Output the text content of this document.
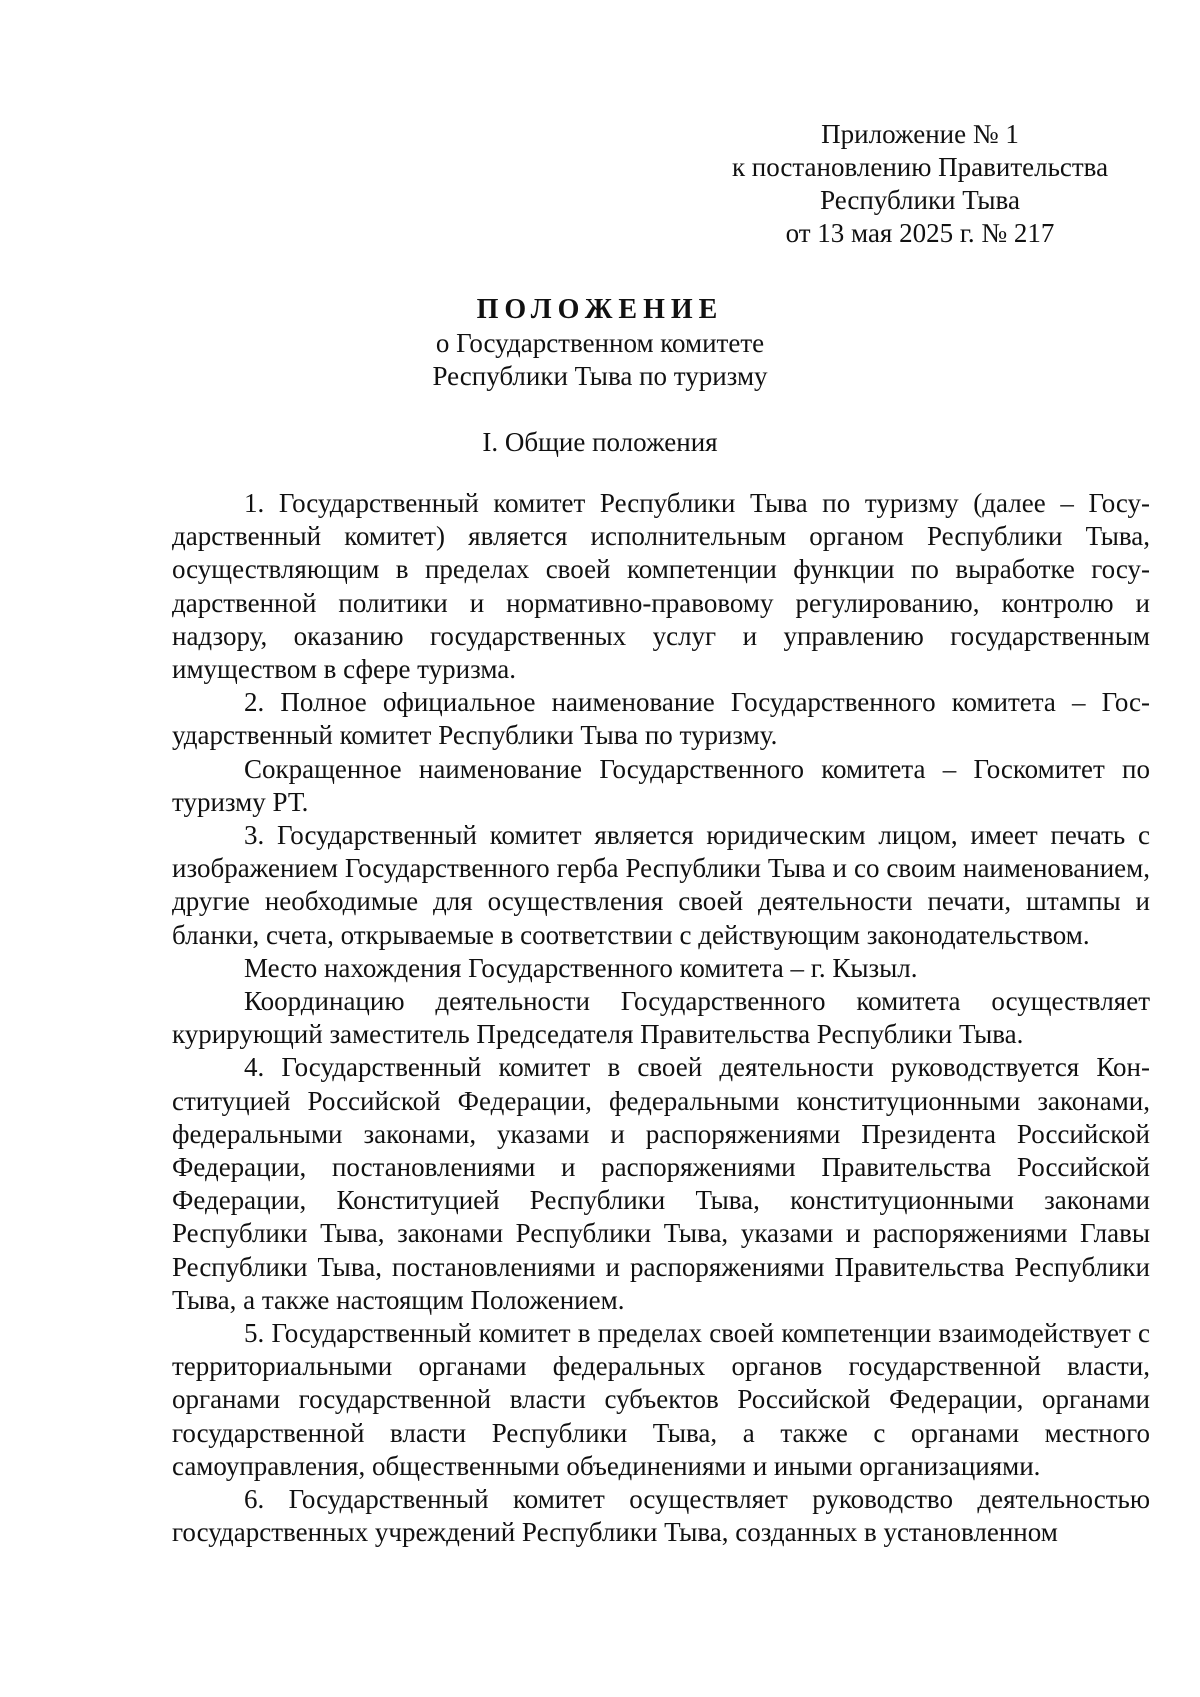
Приложение № 1
к постановлению Правительства
Республики Тыва
от 13 мая 2025 г. № 217
ПОЛОЖЕНИЕ
о Государственном комитете
Республики Тыва по туризму
I. Общие положения

1. Государственный комитет Республики Тыва по туризму (далее – Государственный комитет) является исполнительным органом Республики Тыва, осуществляющим в пределах своей компетенции функции по выработке государственной политики и нормативно-правовому регулированию, контролю и надзору, оказанию государственных услуг и управлению государственным имуществом в сфере туризма.

2. Полное официальное наименование Государственного комитета – Государственный комитет Республики Тыва по туризму.

Сокращенное наименование Государственного комитета – Госкомитет по туризму РТ.

3. Государственный комитет является юридическим лицом, имеет печать с изображением Государственного герба Республики Тыва и со своим наименованием, другие необходимые для осуществления своей деятельности печати, штампы и бланки, счета, открываемые в соответствии с действующим законодательством.

Место нахождения Государственного комитета – г. Кызыл.

Координацию деятельности Государственного комитета осуществляет курирующий заместитель Председателя Правительства Республики Тыва.

4. Государственный комитет в своей деятельности руководствуется Конституцией Российской Федерации, федеральными конституционными законами, федеральными законами, указами и распоряжениями Президента Российской Федерации, постановлениями и распоряжениями Правительства Российской Федерации, Конституцией Республики Тыва, конституционными законами Республики Тыва, законами Республики Тыва, указами и распоряжениями Главы Республики Тыва, постановлениями и распоряжениями Правительства Республики Тыва, а также настоящим Положением.

5. Государственный комитет в пределах своей компетенции взаимодействует с территориальными органами федеральных органов государственной власти, органами государственной власти субъектов Российской Федерации, органами государственной власти Республики Тыва, а также с органами местного самоуправления, общественными объединениями и иными организациями.

6. Государственный комитет осуществляет руководство деятельностью государственных учреждений Республики Тыва, созданных в установленном
